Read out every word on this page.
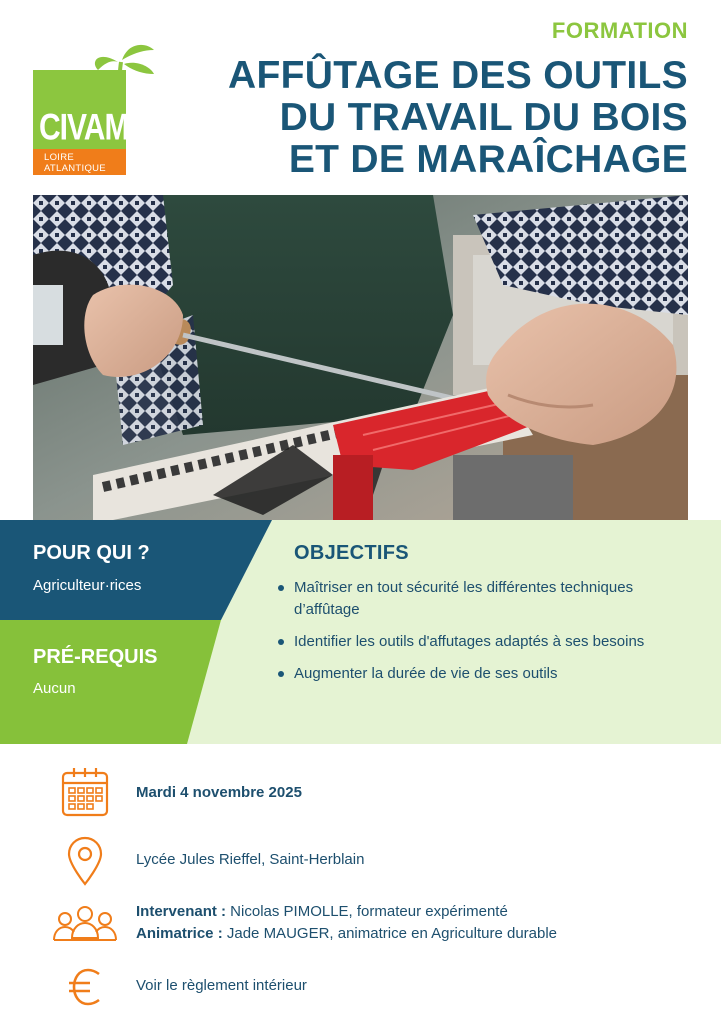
CIVAM
LOIRE
ATLANTIQUE
FORMATION
AFFÛTAGE DES OUTILS
DU TRAVAIL DU BOIS
ET DE MARAÎCHAGE
POUR QUI ?
Agriculteur·rices
PRÉ-REQUIS
Aucun
OBJECTIFS
Maîtriser en tout sécurité les différentes techniques d’affûtage
Identifier les outils d'affutages adaptés à ses besoins
Augmenter la durée de vie de ses outils
Mardi 4 novembre 2025
Lycée Jules Rieffel, Saint-Herblain
Intervenant : Nicolas PIMOLLE, formateur expérimenté
Animatrice : Jade MAUGER, animatrice en Agriculture durable
Voir le règlement intérieur
